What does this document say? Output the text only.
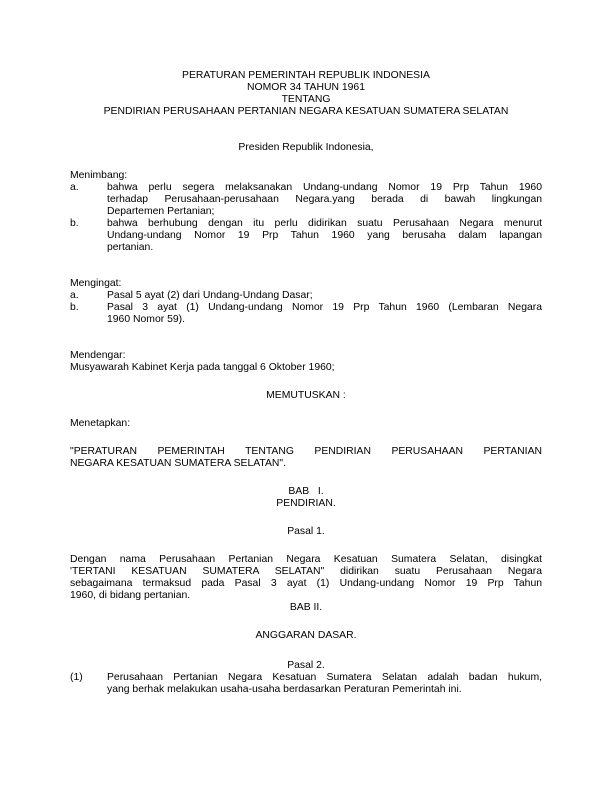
PERATURAN PEMERINTAH REPUBLIK INDONESIA
NOMOR 34 TAHUN 1961
TENTANG
PENDIRIAN PERUSAHAAN PERTANIAN NEGARA KESATUAN SUMATERA SELATAN
Presiden Republik Indonesia,
Menimbang:
a.	bahwa perlu segera melaksanakan Undang-undang Nomor 19 Prp Tahun 1960
terhadap Perusahaan-perusahaan Negara.yang berada di bawah lingkungan
Departemen Pertanian;
b.	bahwa berhubung dengan itu perlu didirikan suatu Perusahaan Negara menurut
Undang-undang Nomor 19 Prp Tahun 1960 yang berusaha dalam lapangan
pertanian.
Mengingat:
a.	Pasal 5 ayat (2) dari Undang-Undang Dasar;
b.	Pasal 3 ayat (1) Undang-undang Nomor 19 Prp Tahun 1960 (Lembaran Negara
1960 Nomor 59).
Mendengar:
Musyawarah Kabinet Kerja pada tanggal 6 Oktober 1960;
MEMUTUSKAN :
Menetapkan:
"PERATURAN PEMERINTAH TENTANG PENDIRIAN PERUSAHAAN PERTANIAN
NEGARA KESATUAN SUMATERA SELATAN".
BAB   I.
PENDIRIAN.
Pasal 1.
Dengan nama Perusahaan Pertanian Negara Kesatuan Sumatera Selatan, disingkat
'TERTANI KESATUAN SUMATERA SELATAN" didirikan suatu Perusahaan Negara
sebagaimana termaksud pada Pasal 3 ayat (1) Undang-undang Nomor 19 Prp Tahun
1960, di bidang pertanian.
BAB II.
ANGGARAN DASAR.
Pasal 2.
(1) Perusahaan Pertanian Negara Kesatuan Sumatera Selatan adalah badan hukum,
yang berhak melakukan usaha-usaha berdasarkan Peraturan Pemerintah ini.
